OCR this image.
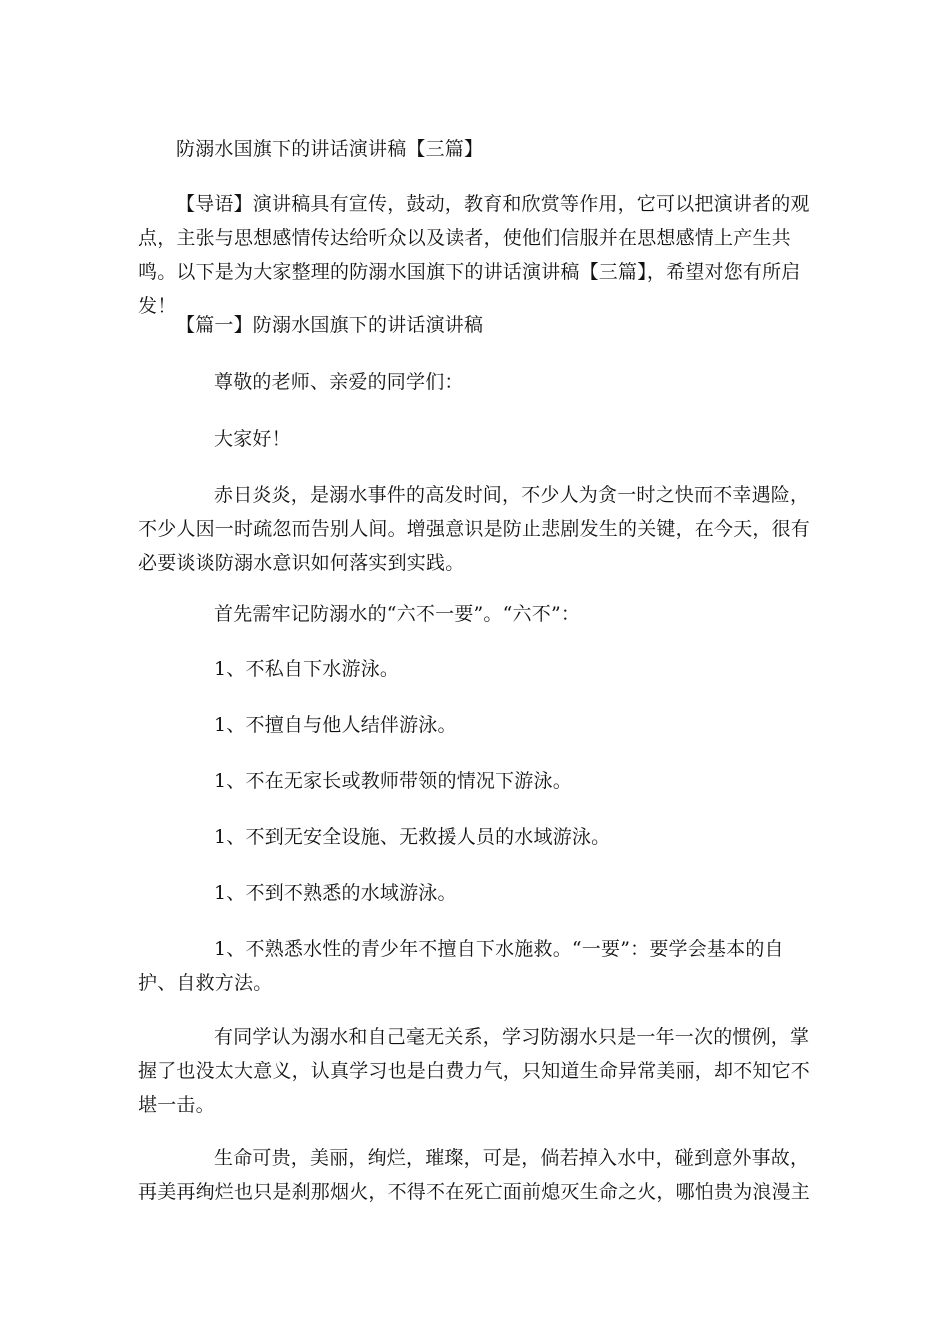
防溺水国旗下的讲话演讲稿【三篇】

【导语】演讲稿具有宣传，鼓动，教育和欣赏等作用，它可以把演讲者的观点，主张与思想感情传达给听众以及读者，使他们信服并在思想感情上产生共鸣。以下是为大家整理的防溺水国旗下的讲话演讲稿【三篇】，希望对您有所启发！

【篇一】防溺水国旗下的讲话演讲稿

尊敬的老师、亲爱的同学们：

大家好！

赤日炎炎，是溺水事件的高发时间，不少人为贪一时之快而不幸遇险，不少人因一时疏忽而告别人间。增强意识是防止悲剧发生的关键，在今天，很有必要谈谈防溺水意识如何落实到实践。

首先需牢记防溺水的“六不一要”。“六不”：

1、不私自下水游泳。

1、不擅自与他人结伴游泳。

1、不在无家长或教师带领的情况下游泳。

1、不到无安全设施、无救援人员的水域游泳。

1、不到不熟悉的水域游泳。

1、不熟悉水性的青少年不擅自下水施救。“一要”：要学会基本的自护、自救方法。

有同学认为溺水和自己毫无关系，学习防溺水只是一年一次的惯例，掌握了也没太大意义，认真学习也是白费力气，只知道生命异常美丽，却不知它不堪一击。

生命可贵，美丽，绚烂，璀璨，可是，倘若掉入水中，碰到意外事故，再美再绚烂也只是刹那烟火，不得不在死亡面前熄灭生命之火，哪怕贵为浪漫主
